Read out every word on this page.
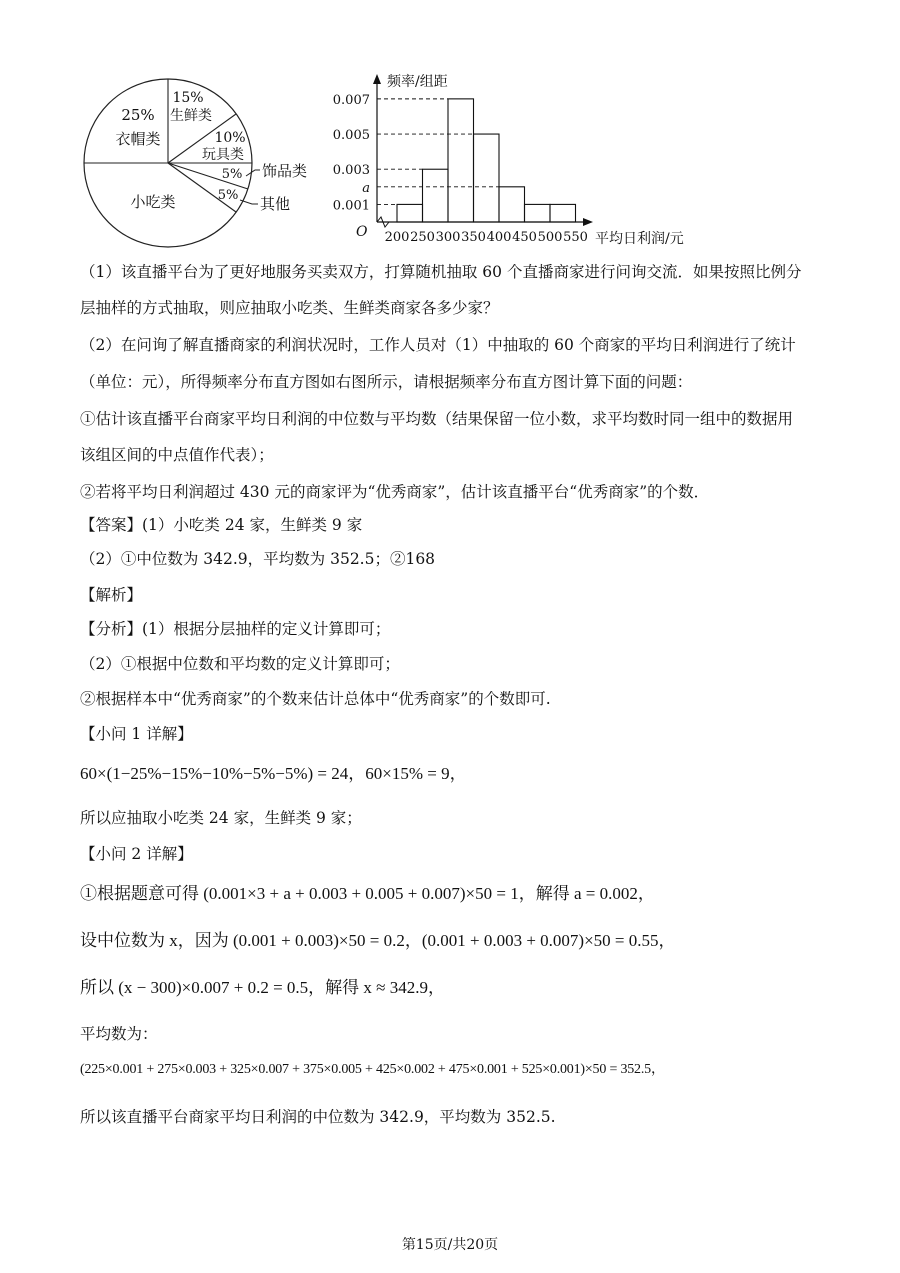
25%
衣帽类
15%
生鲜类
10%
玩具类
5%
5%
小吃类
饰品类
其他
频率/组距
平均日利润/元
O
0.001
a
0.003
0.005
0.007
200 250 300 350 400 450 500 550
（1）该直播平台为了更好地服务买卖双方，打算随机抽取 60 个直播商家进行问询交流．如果按照比例分
层抽样的方式抽取，则应抽取小吃类、生鲜类商家各多少家？
（2）在问询了解直播商家的利润状况时，工作人员对（1）中抽取的 60 个商家的平均日利润进行了统计
（单位：元），所得频率分布直方图如右图所示，请根据频率分布直方图计算下面的问题：
①估计该直播平台商家平均日利润的中位数与平均数（结果保留一位小数，求平均数时同一组中的数据用
该组区间的中点值作代表）；
②若将平均日利润超过 430 元的商家评为“优秀商家”，估计该直播平台“优秀商家”的个数．
【答案】(1）小吃类 24 家，生鲜类 9 家
（2）①中位数为 342.9，平均数为 352.5；②168
【解析】
【分析】(1）根据分层抽样的定义计算即可；
（2）①根据中位数和平均数的定义计算即可；
②根据样本中“优秀商家”的个数来估计总体中“优秀商家”的个数即可.
【小问 1 详解】
60×(1−25%−15%−10%−5%−5%) = 24，60×15% = 9，
所以应抽取小吃类 24 家，生鲜类 9 家；
【小问 2 详解】
①根据题意可得 (0.001×3 + a + 0.003 + 0.005 + 0.007)×50 = 1，解得 a = 0.002，
设中位数为 x，因为 (0.001 + 0.003)×50 = 0.2，(0.001 + 0.003 + 0.007)×50 = 0.55，
所以 (x − 300)×0.007 + 0.2 = 0.5，解得 x ≈ 342.9，
平均数为：
(225×0.001 + 275×0.003 + 325×0.007 + 375×0.005 + 425×0.002 + 475×0.001 + 525×0.001)×50 = 352.5，
所以该直播平台商家平均日利润的中位数为 342.9，平均数为 352.5.
第15页/共20页
